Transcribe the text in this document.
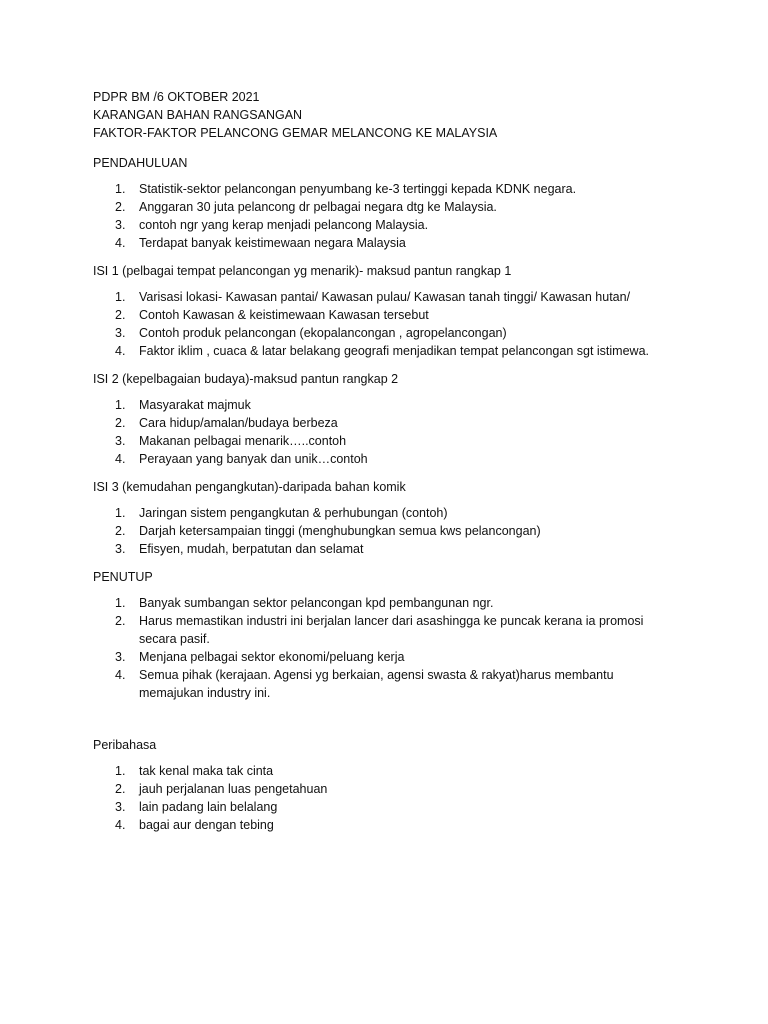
PDPR BM /6 OKTOBER 2021
KARANGAN BAHAN RANGSANGAN
FAKTOR-FAKTOR PELANCONG GEMAR MELANCONG KE MALAYSIA
PENDAHULUAN
1.	Statistik-sektor pelancongan penyumbang ke-3 tertinggi kepada KDNK negara.
2.	Anggaran 30 juta pelancong dr pelbagai negara dtg ke Malaysia.
3.	contoh ngr yang kerap menjadi pelancong Malaysia.
4.	Terdapat banyak keistimewaan negara Malaysia
ISI 1 (pelbagai tempat pelancongan yg menarik)- maksud pantun rangkap 1
1.	Varisasi lokasi- Kawasan pantai/ Kawasan pulau/ Kawasan tanah tinggi/ Kawasan hutan/
2.	Contoh Kawasan & keistimewaan Kawasan tersebut
3.	Contoh produk pelancongan (ekopalancongan , agropelancongan)
4.	Faktor iklim , cuaca & latar belakang geografi menjadikan tempat pelancongan sgt istimewa.
ISI 2 (kepelbagaian budaya)-maksud pantun rangkap 2
1.	Masyarakat majmuk
2.	Cara hidup/amalan/budaya berbeza
3.	Makanan pelbagai menarik…..contoh
4.	Perayaan yang banyak dan unik…contoh
ISI 3 (kemudahan pengangkutan)-daripada bahan komik
1.	Jaringan sistem pengangkutan & perhubungan (contoh)
2.	Darjah ketersampaian tinggi (menghubungkan semua kws pelancongan)
3.	Efisyen, mudah, berpatutan dan selamat
PENUTUP
1.	Banyak sumbangan sektor pelancongan kpd pembangunan ngr.
2.	Harus memastikan industri ini berjalan lancer dari asashingga ke puncak kerana ia promosi secara pasif.
3.	Menjana pelbagai sektor ekonomi/peluang kerja
4.	Semua pihak (kerajaan. Agensi yg berkaian, agensi swasta & rakyat)harus membantu memajukan industry ini.
Peribahasa
1.	tak kenal maka tak cinta
2.	jauh perjalanan luas pengetahuan
3.	lain padang lain belalang
4.	bagai aur dengan tebing
